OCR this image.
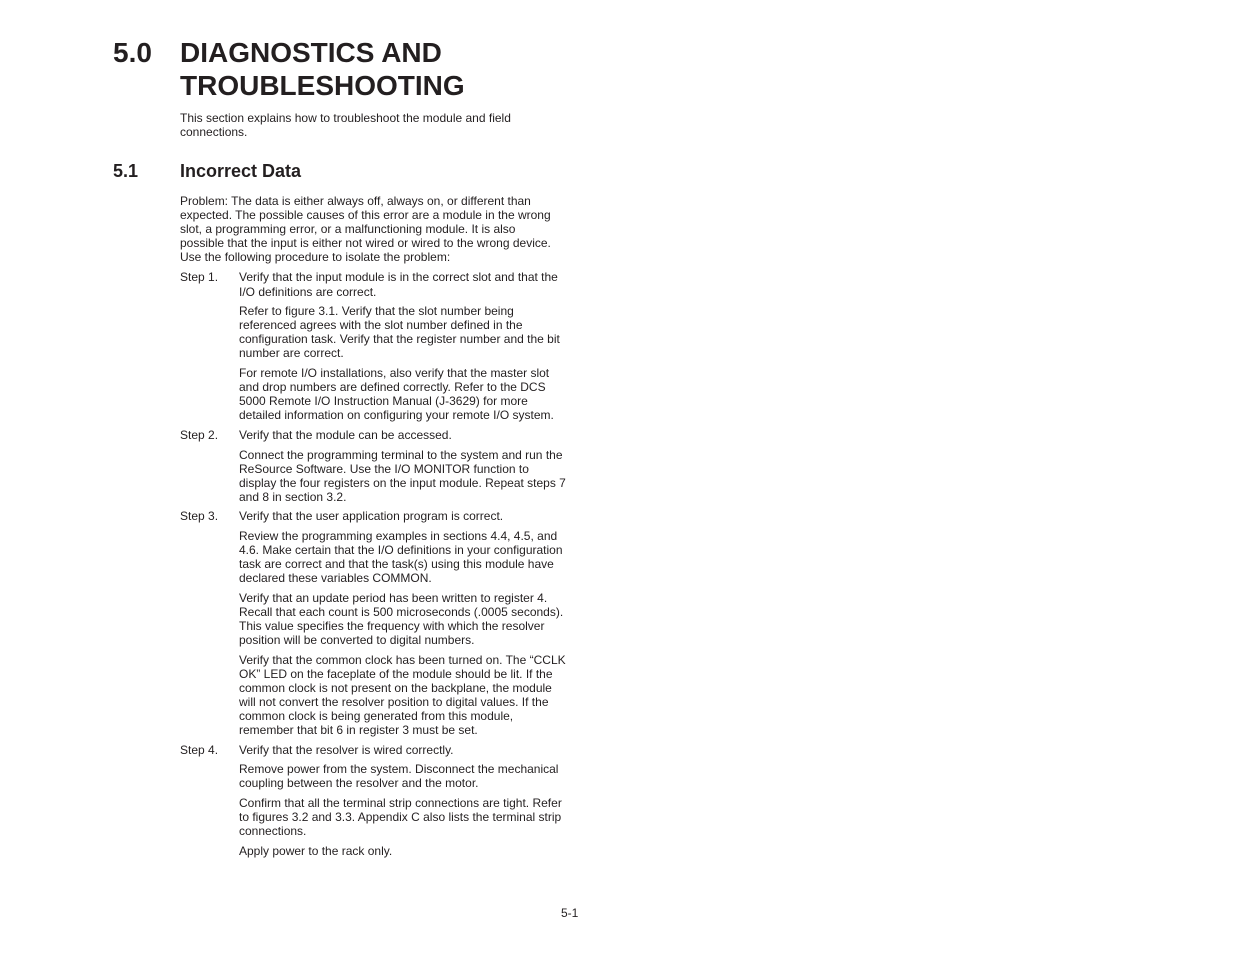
5.0 DIAGNOSTICS AND TROUBLESHOOTING

This section explains how to troubleshoot the module and field connections.

5.1 Incorrect Data

Problem: The data is either always off, always on, or different than expected. The possible causes of this error are a module in the wrong slot, a programming error, or a malfunctioning module. It is also possible that the input is either not wired or wired to the wrong device. Use the following procedure to isolate the problem:

Step 1.	Verify that the input module is in the correct slot and that the I/O definitions are correct.

Refer to figure 3.1. Verify that the slot number being referenced agrees with the slot number defined in the configuration task. Verify that the register number and the bit number are correct.

For remote I/O installations, also verify that the master slot and drop numbers are defined correctly. Refer to the DCS 5000 Remote I/O Instruction Manual (J-3629) for more detailed information on configuring your remote I/O system.

Step 2.	Verify that the module can be accessed.

Connect the programming terminal to the system and run the ReSource Software. Use the I/O MONITOR function to display the four registers on the input module. Repeat steps 7 and 8 in section 3.2.

Step 3.	Verify that the user application program is correct.

Review the programming examples in sections 4.4, 4.5, and 4.6. Make certain that the I/O definitions in your configuration task are correct and that the task(s) using this module have declared these variables COMMON.

Verify that an update period has been written to register 4. Recall that each count is 500 microseconds (.0005 seconds). This value specifies the frequency with which the resolver position will be converted to digital numbers.

Verify that the common clock has been turned on. The “CCLK OK” LED on the faceplate of the module should be lit. If the common clock is not present on the backplane, the module will not convert the resolver position to digital values. If the common clock is being generated from this module, remember that bit 6 in register 3 must be set.

Step 4.	Verify that the resolver is wired correctly.

Remove power from the system. Disconnect the mechanical coupling between the resolver and the motor.

Confirm that all the terminal strip connections are tight. Refer to figures 3.2 and 3.3. Appendix C also lists the terminal strip connections.

Apply power to the rack only.

5-1
